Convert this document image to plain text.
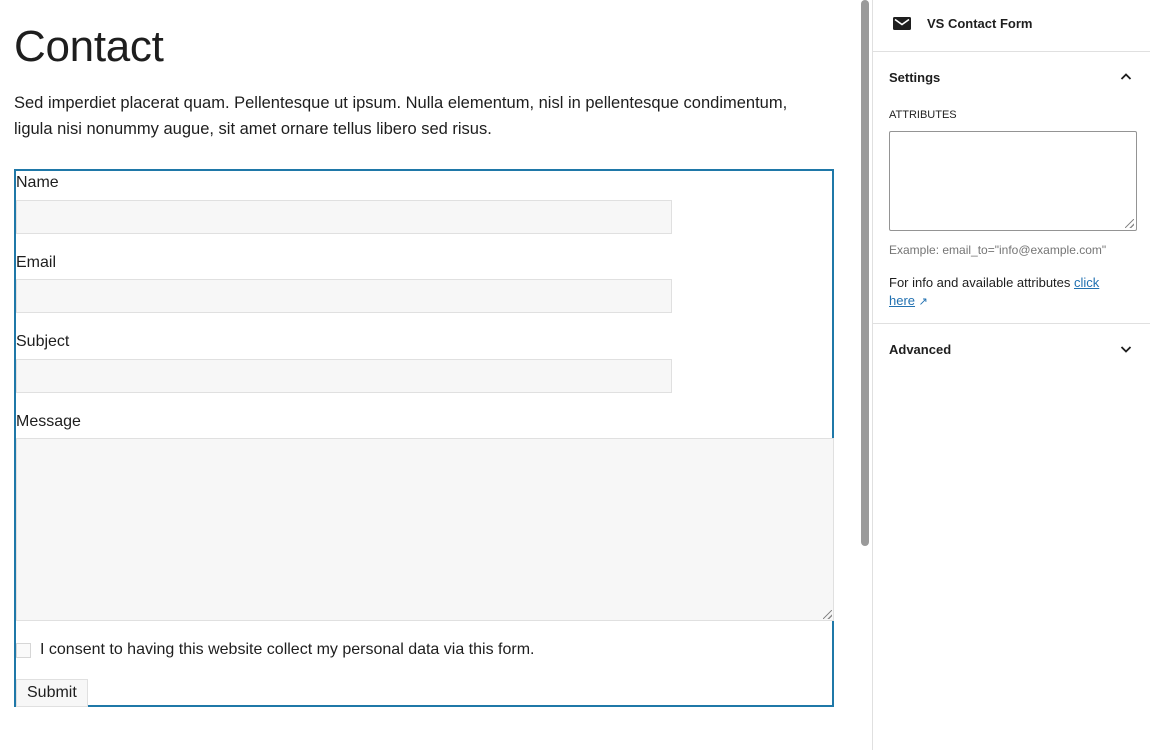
Contact

Sed imperdiet placerat quam. Pellentesque ut ipsum. Nulla elementum, nisl in pellentesque condimentum, ligula nisi nonummy augue, sit amet ornare tellus libero sed risus.

Name
Email
Subject
Message
I consent to having this website collect my personal data via this form.
Submit
VS Contact Form
Settings
ATTRIBUTES
Example: email_to="info@example.com"
For info and available attributes click here ↗
Advanced
